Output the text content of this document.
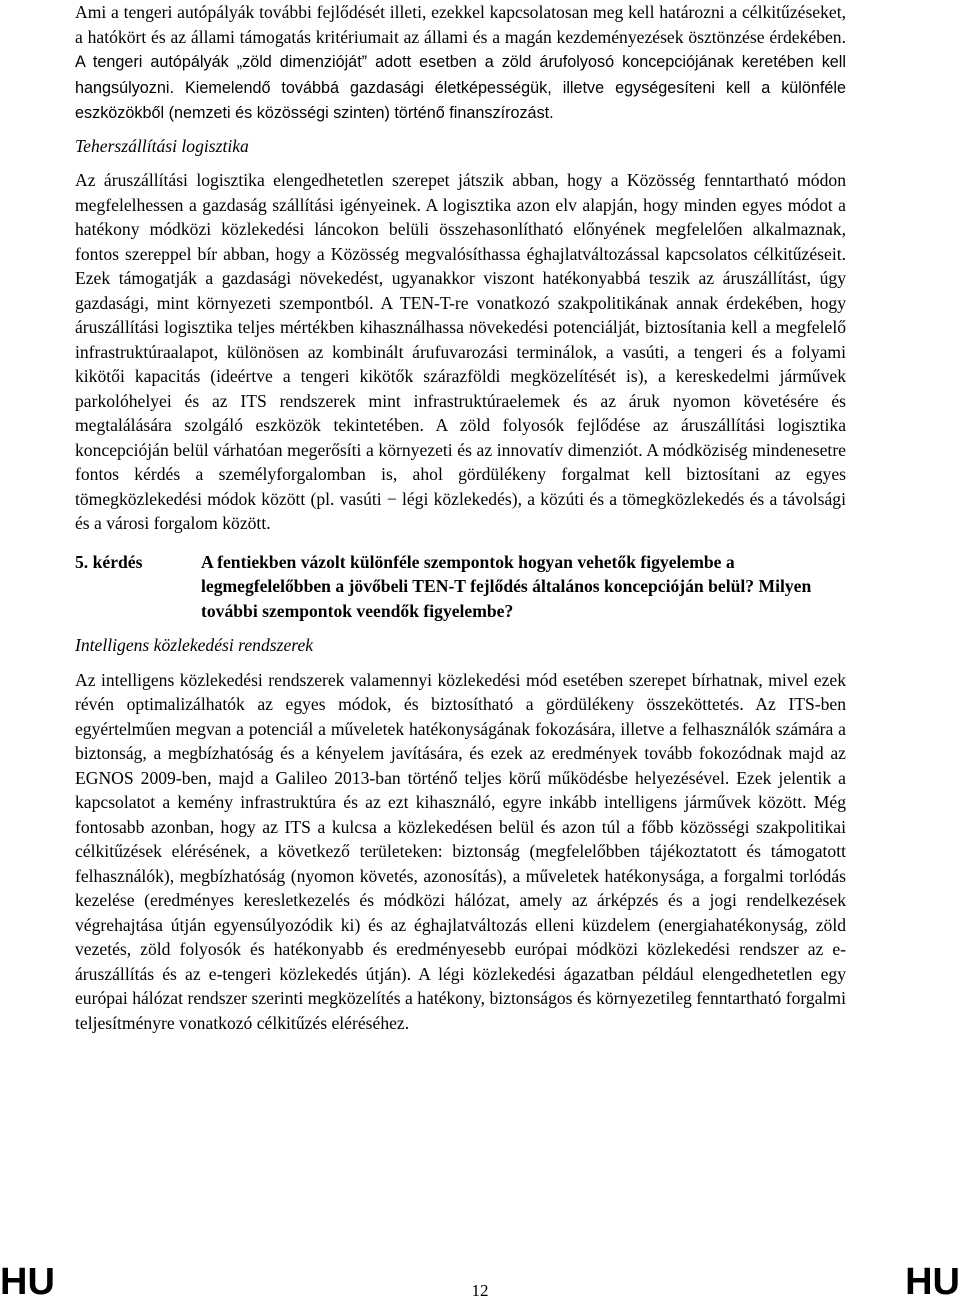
Ami a tengeri autópályák további fejlődését illeti, ezekkel kapcsolatosan meg kell határozni a célkitűzéseket, a hatókört és az állami támogatás kritériumait az állami és a magán kezdeményezések ösztönzése érdekében. A tengeri autópályák „zöld dimenzióját” adott esetben a zöld árufolyosó koncepciójának keretében kell hangsúlyozni. Kiemelendő továbbá gazdasági életképességük, illetve egységesíteni kell a különféle eszközökből (nemzeti és közösségi szinten) történő finanszírozást.

Teherszállítási logisztika

Az áruszállítási logisztika elengedhetetlen szerepet játszik abban, hogy a Közösség fenntartható módon megfelelhessen a gazdaság szállítási igényeinek. A logisztika azon elv alapján, hogy minden egyes módot a hatékony módközi közlekedési láncokon belüli összehasonlítható előnyének megfelelően alkalmaznak, fontos szereppel bír abban, hogy a Közösség megvalósíthassa éghajlatváltozással kapcsolatos célkitűzéseit. Ezek támogatják a gazdasági növekedést, ugyanakkor viszont hatékonyabbá teszik az áruszállítást, úgy gazdasági, mint környezeti szempontból. A TEN-T-re vonatkozó szakpolitikának annak érdekében, hogy áruszállítási logisztika teljes mértékben kihasználhassa növekedési potenciálját, biztosítania kell a megfelelő infrastruktúraalapot, különösen az kombinált árufuvarozási terminálok, a vasúti, a tengeri és a folyami kikötői kapacitás (ideértve a tengeri kikötők szárazföldi megközelítését is), a kereskedelmi járművek parkolóhelyei és az ITS rendszerek mint infrastruktúraelemek és az áruk nyomon követésére és megtalálására szolgáló eszközök tekintetében. A zöld folyosók fejlődése az áruszállítási logisztika koncepcióján belül várhatóan megerősíti a környezeti és az innovatív dimenziót. A módköziség mindenesetre fontos kérdés a személyforgalomban is, ahol gördülékeny forgalmat kell biztosítani az egyes tömegközlekedési módok között (pl. vasúti − légi közlekedés), a közúti és a tömegközlekedés és a távolsági és a városi forgalom között.

5. kérdés	A fentiekben vázolt különféle szempontok hogyan vehetők figyelembe a legmegfelelőbben a jövőbeli TEN-T fejlődés általános koncepcióján belül? Milyen további szempontok veendők figyelembe?
Intelligens közlekedési rendszerek

Az intelligens közlekedési rendszerek valamennyi közlekedési mód esetében szerepet bírhatnak, mivel ezek révén optimalizálhatók az egyes módok, és biztosítható a gördülékeny összeköttetés. Az ITS-ben egyértelműen megvan a potenciál a műveletek hatékonyságának fokozására, illetve a felhasználók számára a biztonság, a megbízhatóság és a kényelem javítására, és ezek az eredmények tovább fokozódnak majd az EGNOS 2009-ben, majd a Galileo 2013-ban történő teljes körű működésbe helyezésével. Ezek jelentik a kapcsolatot a kemény infrastruktúra és az ezt kihasználó, egyre inkább intelligens járművek között. Még fontosabb azonban, hogy az ITS a kulcsa a közlekedésen belül és azon túl a főbb közösségi szakpolitikai célkitűzések elérésének, a következő területeken: biztonság (megfelelőbben tájékoztatott és támogatott felhasználók), megbízhatóság (nyomon követés, azonosítás), a műveletek hatékonysága, a forgalmi torlódás kezelése (eredményes keresletkezelés és módközi hálózat, amely az árképzés és a jogi rendelkezések végrehajtása útján egyensúlyozódik ki) és az éghajlatváltozás elleni küzdelem (energiahatékonyság, zöld vezetés, zöld folyosók és hatékonyabb és eredményesebb európai módközi közlekedési rendszer az e-áruszállítás és az e-tengeri közlekedés útján). A légi közlekedési ágazatban például elengedhetetlen egy európai hálózat rendszer szerinti megközelítés a hatékony, biztonságos és környezetileg fenntartható forgalmi teljesítményre vonatkozó célkitűzés eléréséhez.

HU	12	HU
